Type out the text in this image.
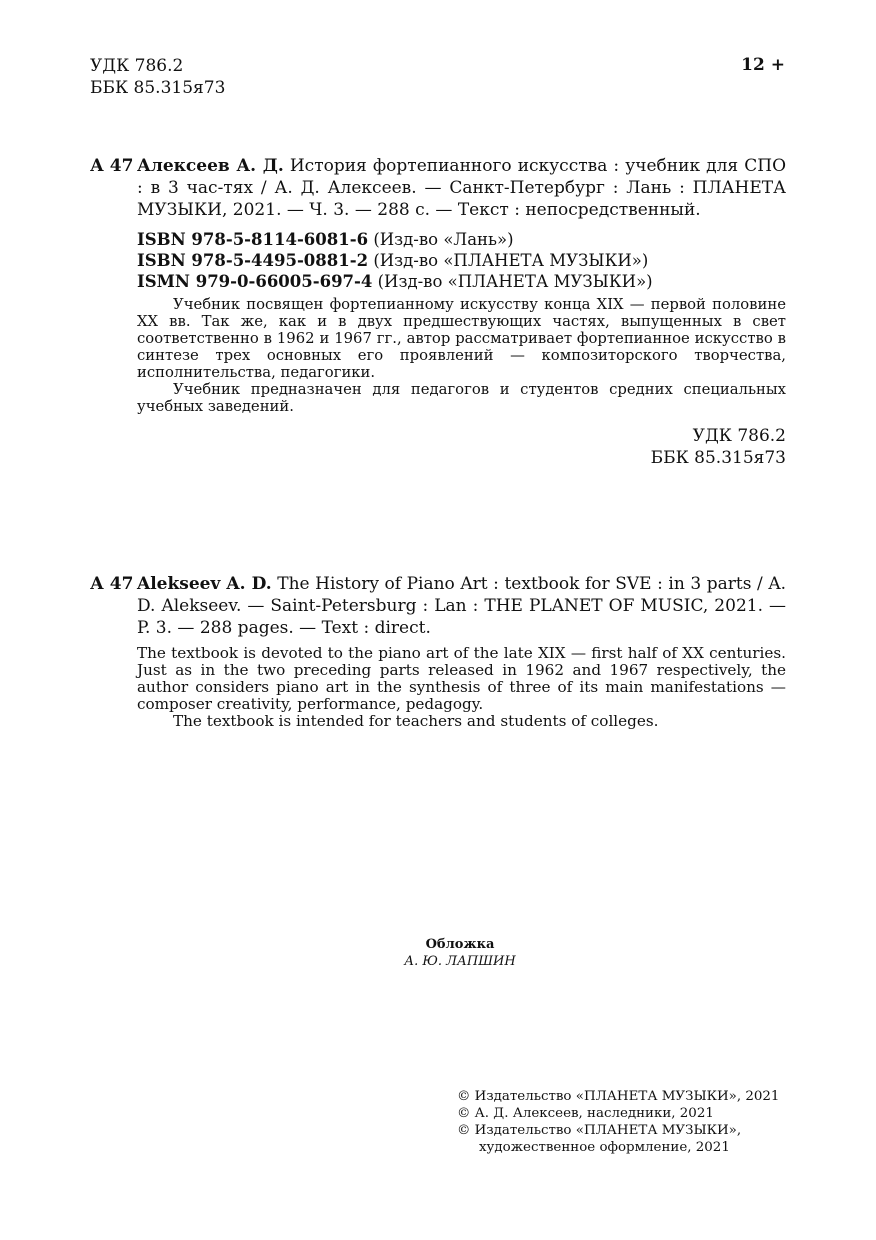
УДК 786.2
ББК 85.315я73
12 +
А 47 Алексеев А. Д. История фортепианного искусства : учебник для СПО : в 3 час-тях / А. Д. Алексеев. — Санкт-Петербург : Лань : ПЛАНЕТА МУЗЫКИ, 2021. — Ч. 3. — 288 с. — Текст : непосредственный.
ISBN 978-5-8114-6081-6 (Изд-во «Лань»)
ISBN 978-5-4495-0881-2 (Изд-во «ПЛАНЕТА МУЗЫКИ»)
ISMN 979-0-66005-697-4 (Изд-во «ПЛАНЕТА МУЗЫКИ»)

Учебник посвящен фортепианному искусству конца XIX — первой половине XX вв. Так же, как и в двух предшествующих частях, выпущенных в свет соответственно в 1962 и 1967 гг., автор рассматривает фортепианное искусство в синтезе трех основных его проявлений — композиторского творчества, исполнительства, педагогики.

Учебник предназначен для педагогов и студентов средних специальных учебных заведений.

УДК 786.2
ББК 85.315я73
А 47 Alekseev A. D. The History of Piano Art : textbook for SVE : in 3 parts / A. D. Alekseev. — Saint-Petersburg : Lan : THE PLANET OF MUSIC, 2021. — P. 3. — 288 pages. — Text : direct.

The textbook is devoted to the piano art of the late XIX — first half of XX centuries. Just as in the two preceding parts released in 1962 and 1967 respectively, the author considers piano art in the synthesis of three of its main manifestations — composer creativity, performance, pedagogy.

The textbook is intended for teachers and students of colleges.

Обложка
А. Ю. ЛАПШИН
© Издательство «ПЛАНЕТА МУЗЫКИ», 2021
© А. Д. Алексеев, наследники, 2021
© Издательство «ПЛАНЕТА МУЗЫКИ»,
художественное оформление, 2021
